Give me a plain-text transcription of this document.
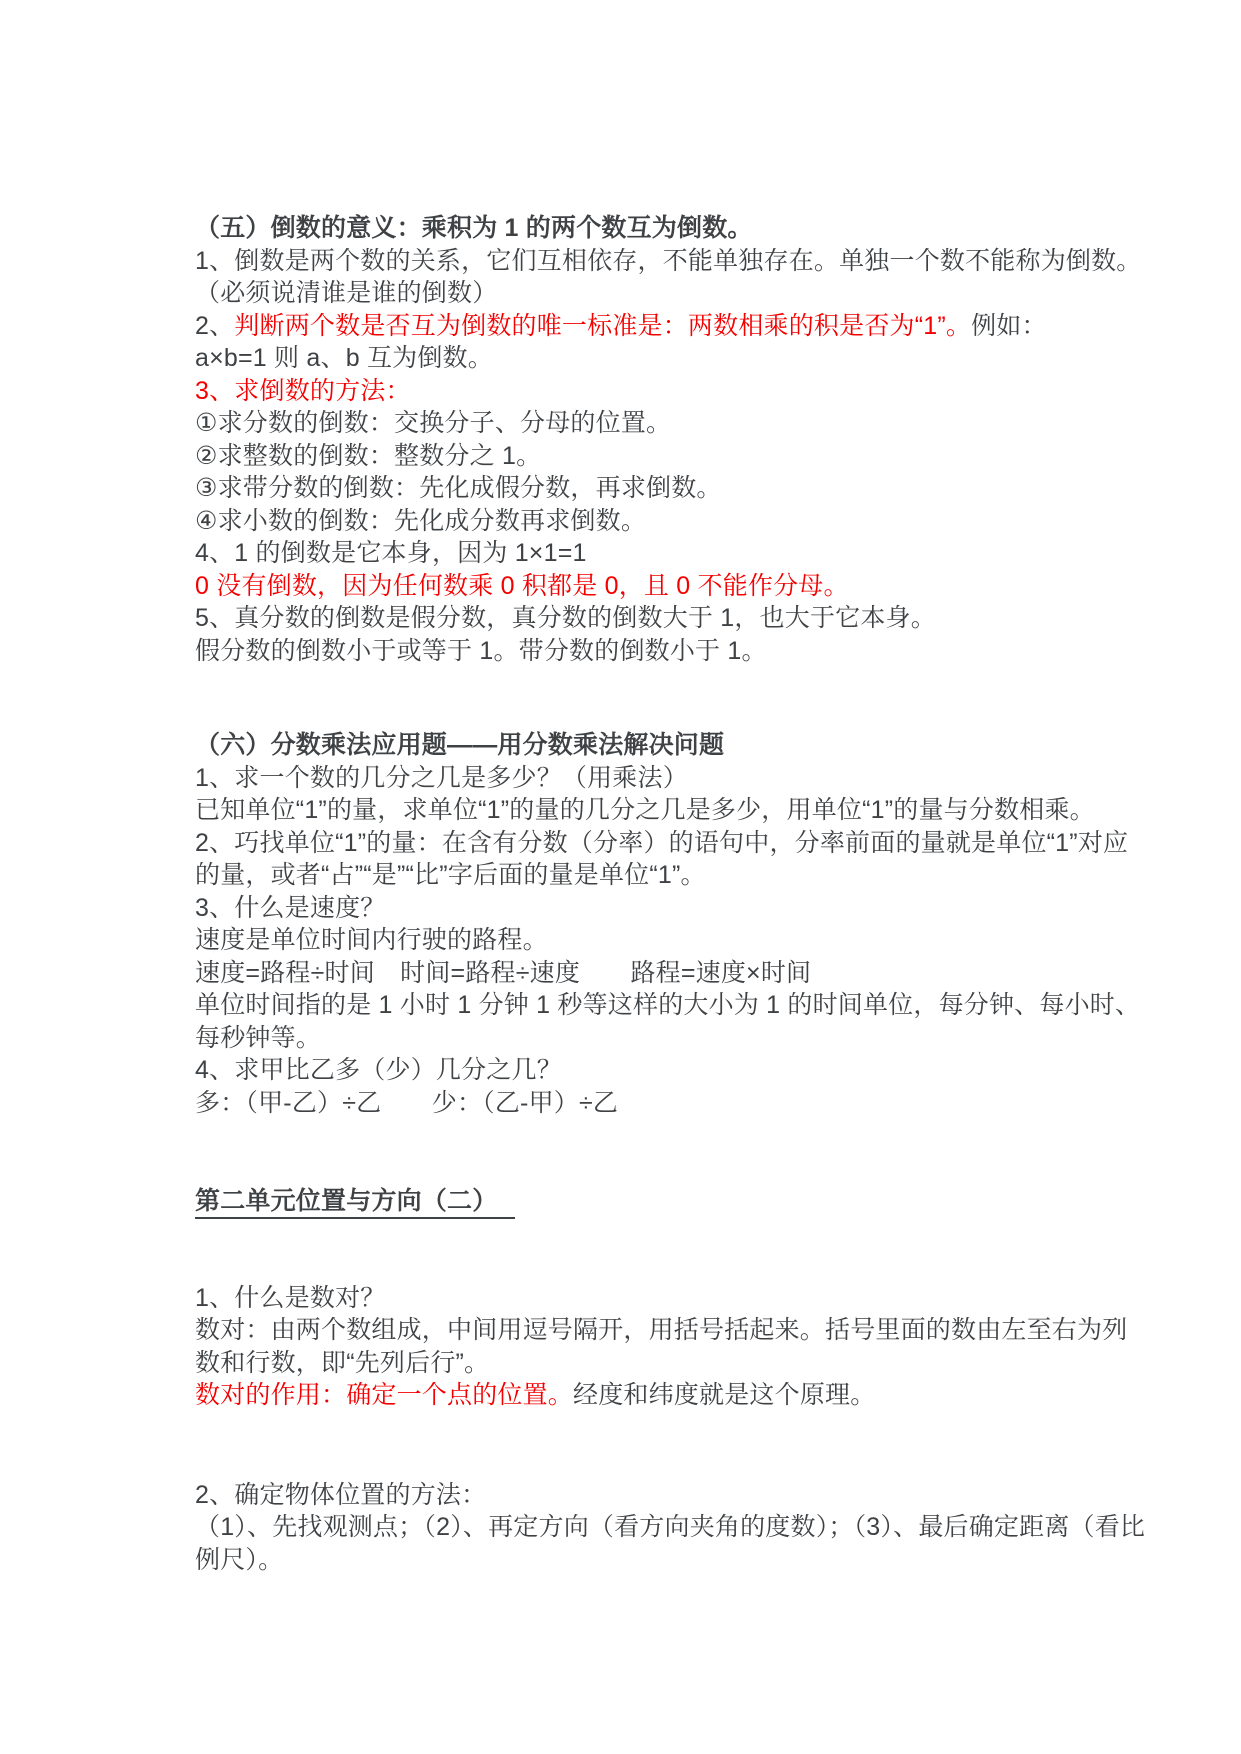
（五）倒数的意义：乘积为 1 的两个数互为倒数。
1、倒数是两个数的关系，它们互相依存，不能单独存在。单独一个数不能称为倒数。
（必须说清谁是谁的倒数）
2、判断两个数是否互为倒数的唯一标准是：两数相乘的积是否为“1”。例如：
a×b=1 则 a、b 互为倒数。
3、求倒数的方法：
①求分数的倒数：交换分子、分母的位置。
②求整数的倒数：整数分之 1。
③求带分数的倒数：先化成假分数，再求倒数。
④求小数的倒数：先化成分数再求倒数。
4、1 的倒数是它本身，因为 1×1=1
0 没有倒数，因为任何数乘 0 积都是 0，且 0 不能作分母。
5、真分数的倒数是假分数，真分数的倒数大于 1，也大于它本身。
假分数的倒数小于或等于 1。带分数的倒数小于 1。
（六）分数乘法应用题——用分数乘法解决问题
1、求一个数的几分之几是多少？（用乘法）
已知单位“1”的量，求单位“1”的量的几分之几是多少，用单位“1”的量与分数相乘。
2、巧找单位“1”的量：在含有分数（分率）的语句中，分率前面的量就是单位“1”对应
的量，或者“占”“是”“比”字后面的量是单位“1”。
3、什么是速度？
速度是单位时间内行驶的路程。
速度=路程÷时间　时间=路程÷速度　　路程=速度×时间
单位时间指的是 1 小时 1 分钟 1 秒等这样的大小为 1 的时间单位，每分钟、每小时、
每秒钟等。
4、求甲比乙多（少）几分之几？
多：（甲-乙）÷乙　　少：（乙-甲）÷乙
第二单元位置与方向（二）
1、什么是数对？
数对：由两个数组成，中间用逗号隔开，用括号括起来。括号里面的数由左至右为列
数和行数，即“先列后行”。
数对的作用：确定一个点的位置。经度和纬度就是这个原理。
2、确定物体位置的方法：
（1）、先找观测点；（2）、再定方向（看方向夹角的度数）；（3）、最后确定距离（看比
例尺）。
